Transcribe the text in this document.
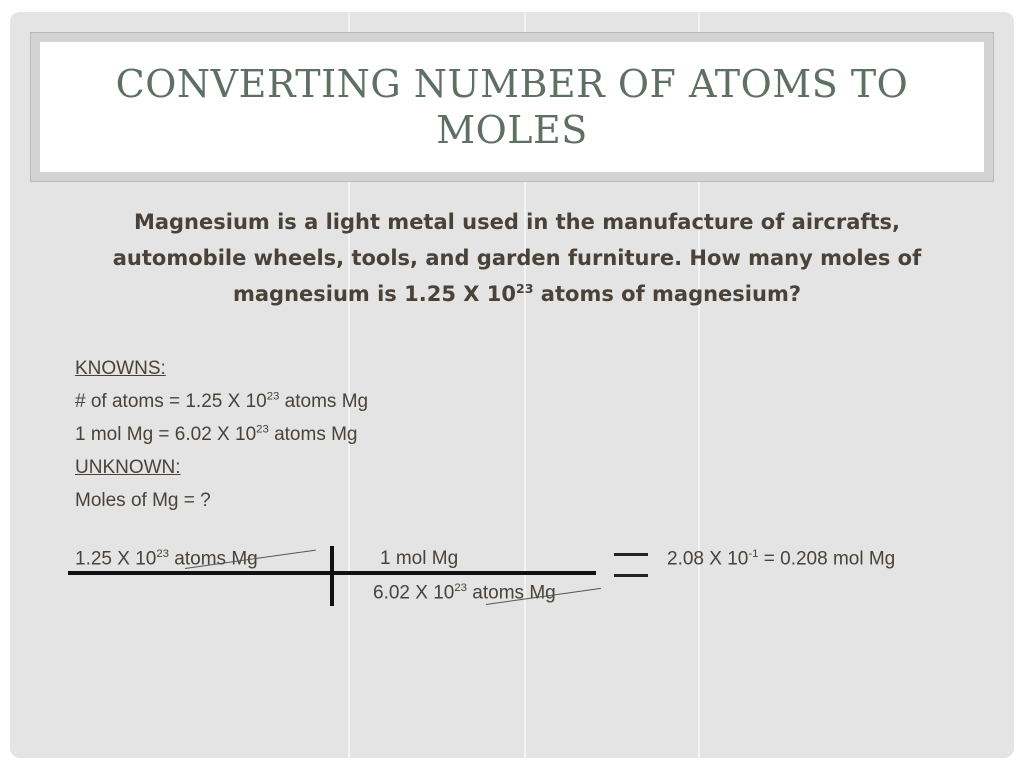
CONVERTING NUMBER OF ATOMS TO MOLES
Magnesium is a light metal used in the manufacture of aircrafts, automobile wheels, tools, and garden furniture. How many moles of magnesium is 1.25 X $10^{23}$ atoms of magnesium?
KNOWNS:
# of atoms = 1.25 X $10^{23}$ atoms Mg
1 mol Mg = 6.02 X $10^{23}$ atoms Mg
UNKNOWN:
Moles of Mg = ?
1.25 X $10^{23}$ atoms Mg	1 mol Mg
6.02 X $10^{23}$ atoms Mg
2.08 X $10^{-1} = 0.208$ mol Mg
